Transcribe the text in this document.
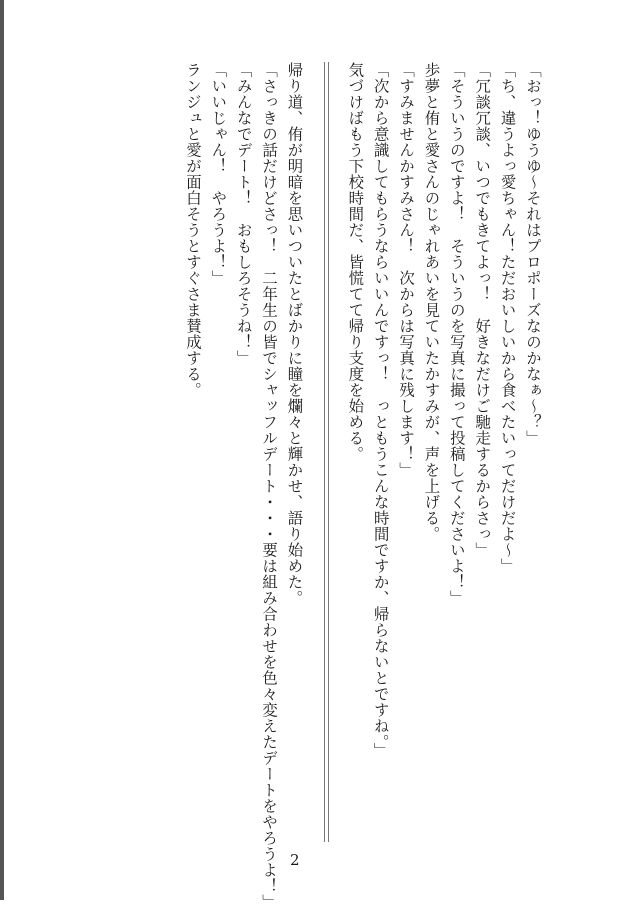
「おっ！ゆうゆ～それはプロポーズなのかなぁ～？」
「ち、違うよっ愛ちゃん！ただおいしいから食べたいってだけだよ～」
「冗談冗談、いつでもきてよっ！　好きなだけご馳走するからさっ」
「そういうのですよ！　そういうのを写真に撮って投稿してくださいよ！」
歩夢と侑と愛さんのじゃれあいを見ていたかすみが、声を上げる。
「すみませんかすみさん！　次からは写真に残します！」
「次から意識してもらうならいいんですっ！　っともうこんな時間ですか、帰らないとですね。」
気づけばもう下校時間だ、皆慌てて帰り支度を始める。
帰り道、侑が明暗を思いついたとばかりに瞳を爛々と輝かせ、語り始めた。
「さっきの話だけどさっ！　二年生の皆でシャッフルデート・・・要は組み合わせを色々変えたデートをやろうよ！」
「みんなでデート！　おもしろそうね！」
「いいじゃん！　やろうよ！」
ランジュと愛が面白そうとすぐさま賛成する。
2
